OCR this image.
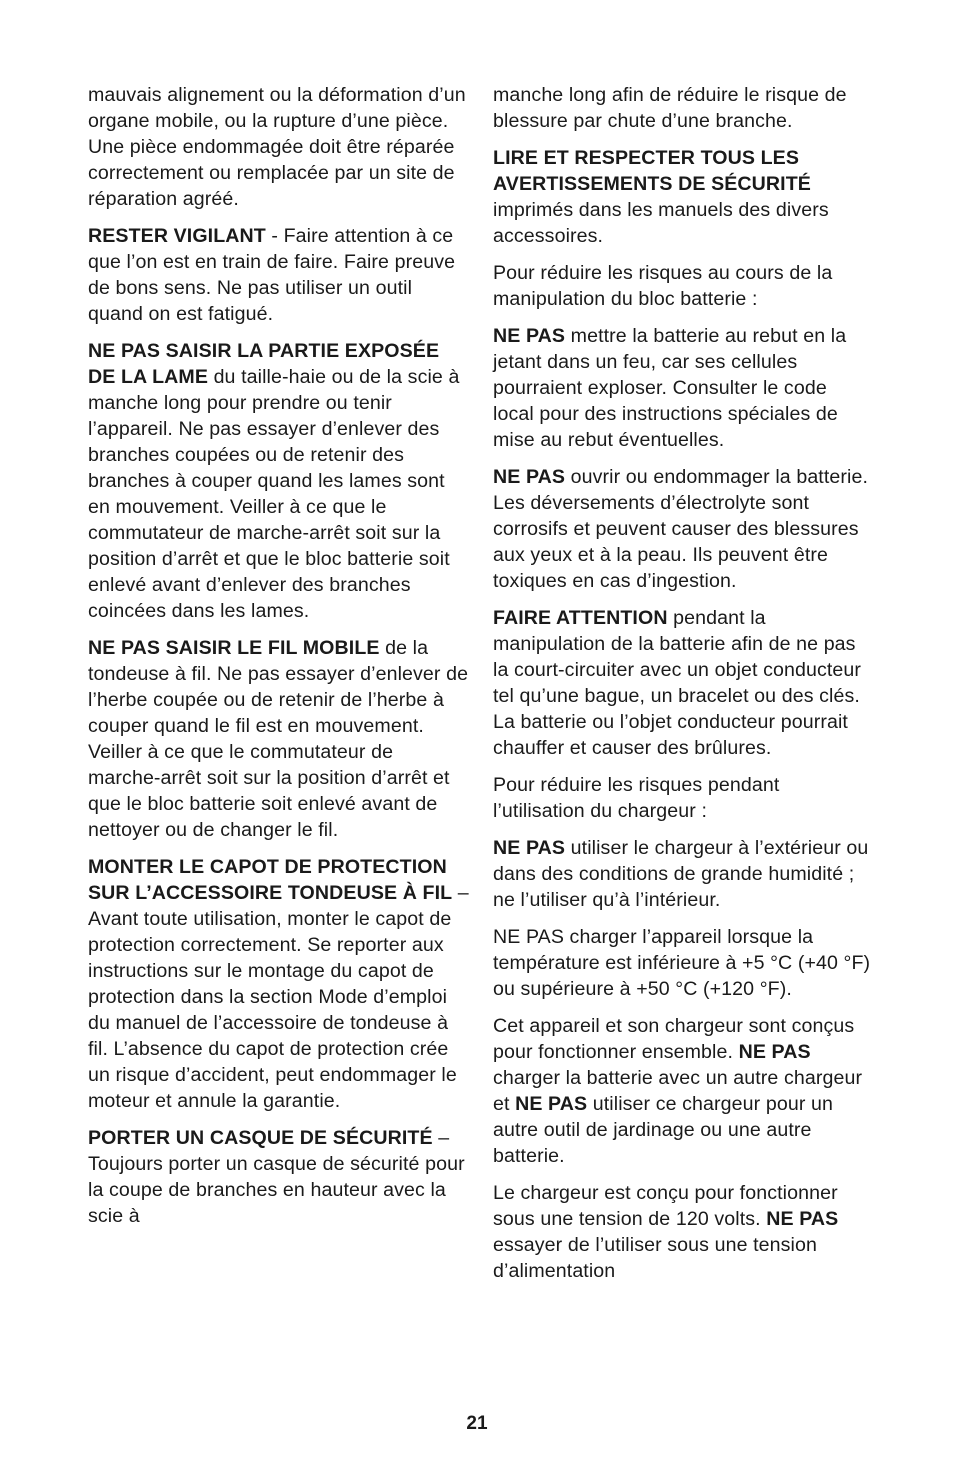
mauvais alignement ou la déformation d’un organe mobile, ou la rupture d’une pièce. Une pièce endommagée doit être réparée correctement ou remplacée par un site de réparation agréé.

RESTER VIGILANT - Faire attention à ce que l’on est en train de faire. Faire preuve de bons sens. Ne pas utiliser un outil quand on est fatigué.

NE PAS SAISIR LA PARTIE EXPOSÉE DE LA LAME du taille-haie ou de la scie à manche long pour prendre ou tenir l’appareil. Ne pas essayer d’enlever des branches coupées ou de retenir des branches à couper quand les lames sont en mouvement. Veiller à ce que le commutateur de marche-arrêt soit sur la position d’arrêt et que le bloc batterie soit enlevé avant d’enlever des branches coincées dans les lames.

NE PAS SAISIR LE FIL MOBILE de la tondeuse à fil. Ne pas essayer d’enlever de l’herbe coupée ou de retenir de l’herbe à couper quand le fil est en mouvement. Veiller à ce que le commutateur de marche-arrêt soit sur la position d’arrêt et que le bloc batterie soit enlevé avant de nettoyer ou de changer le fil.

MONTER LE CAPOT DE PROTECTION SUR L’ACCESSOIRE TONDEUSE À FIL – Avant toute utilisation, monter le capot de protection correctement. Se reporter aux instructions sur le montage du capot de protection dans la section Mode d’emploi du manuel de l’accessoire de tondeuse à fil. L’absence du capot de protection crée un risque d’accident, peut endommager le moteur et annule la garantie.

PORTER UN CASQUE DE SÉCURITÉ – Toujours porter un casque de sécurité pour la coupe de branches en hauteur avec la scie à

manche long afin de réduire le risque de blessure par chute d’une branche.

LIRE ET RESPECTER TOUS LES AVERTISSEMENTS DE SÉCURITÉimprimés dans les manuels des divers accessoires.

Pour réduire les risques au cours de la manipulation du bloc batterie :

NE PAS mettre la batterie au rebut en la jetant dans un feu, car ses cellules pourraient exploser. Consulter le code local pour des instructions spéciales de mise au rebut éventuelles.

NE PAS ouvrir ou endommager la batterie. Les déversements d’électrolyte sont corrosifs et peuvent causer des blessures aux yeux et à la peau. Ils peuvent être toxiques en cas d’ingestion.

FAIRE ATTENTION pendant la manipulation de la batterie afin de ne pas la court-circuiter avec un objet conducteur tel qu’une bague, un bracelet ou des clés. La batterie ou l’objet conducteur pourrait chauffer et causer des brûlures.

Pour réduire les risques pendant l’utilisation du chargeur :

NE PAS utiliser le chargeur à l’extérieur ou dans des conditions de grande humidité ; ne l’utiliser qu’à l’intérieur.

NE PAS charger l’appareil lorsque la température est inférieure à +5 °C (+40 °F) ou supérieure à +50 °C (+120 °F).

Cet appareil et son chargeur sont conçus pour fonctionner ensemble. NE PAS charger la batterie avec un autre chargeur et NE PAS utiliser ce chargeur pour un autre outil de jardinage ou une autre batterie.

Le chargeur est conçu pour fonctionner sous une tension de 120 volts. NE PAS essayer de l’utiliser sous une tension d’alimentation

21
